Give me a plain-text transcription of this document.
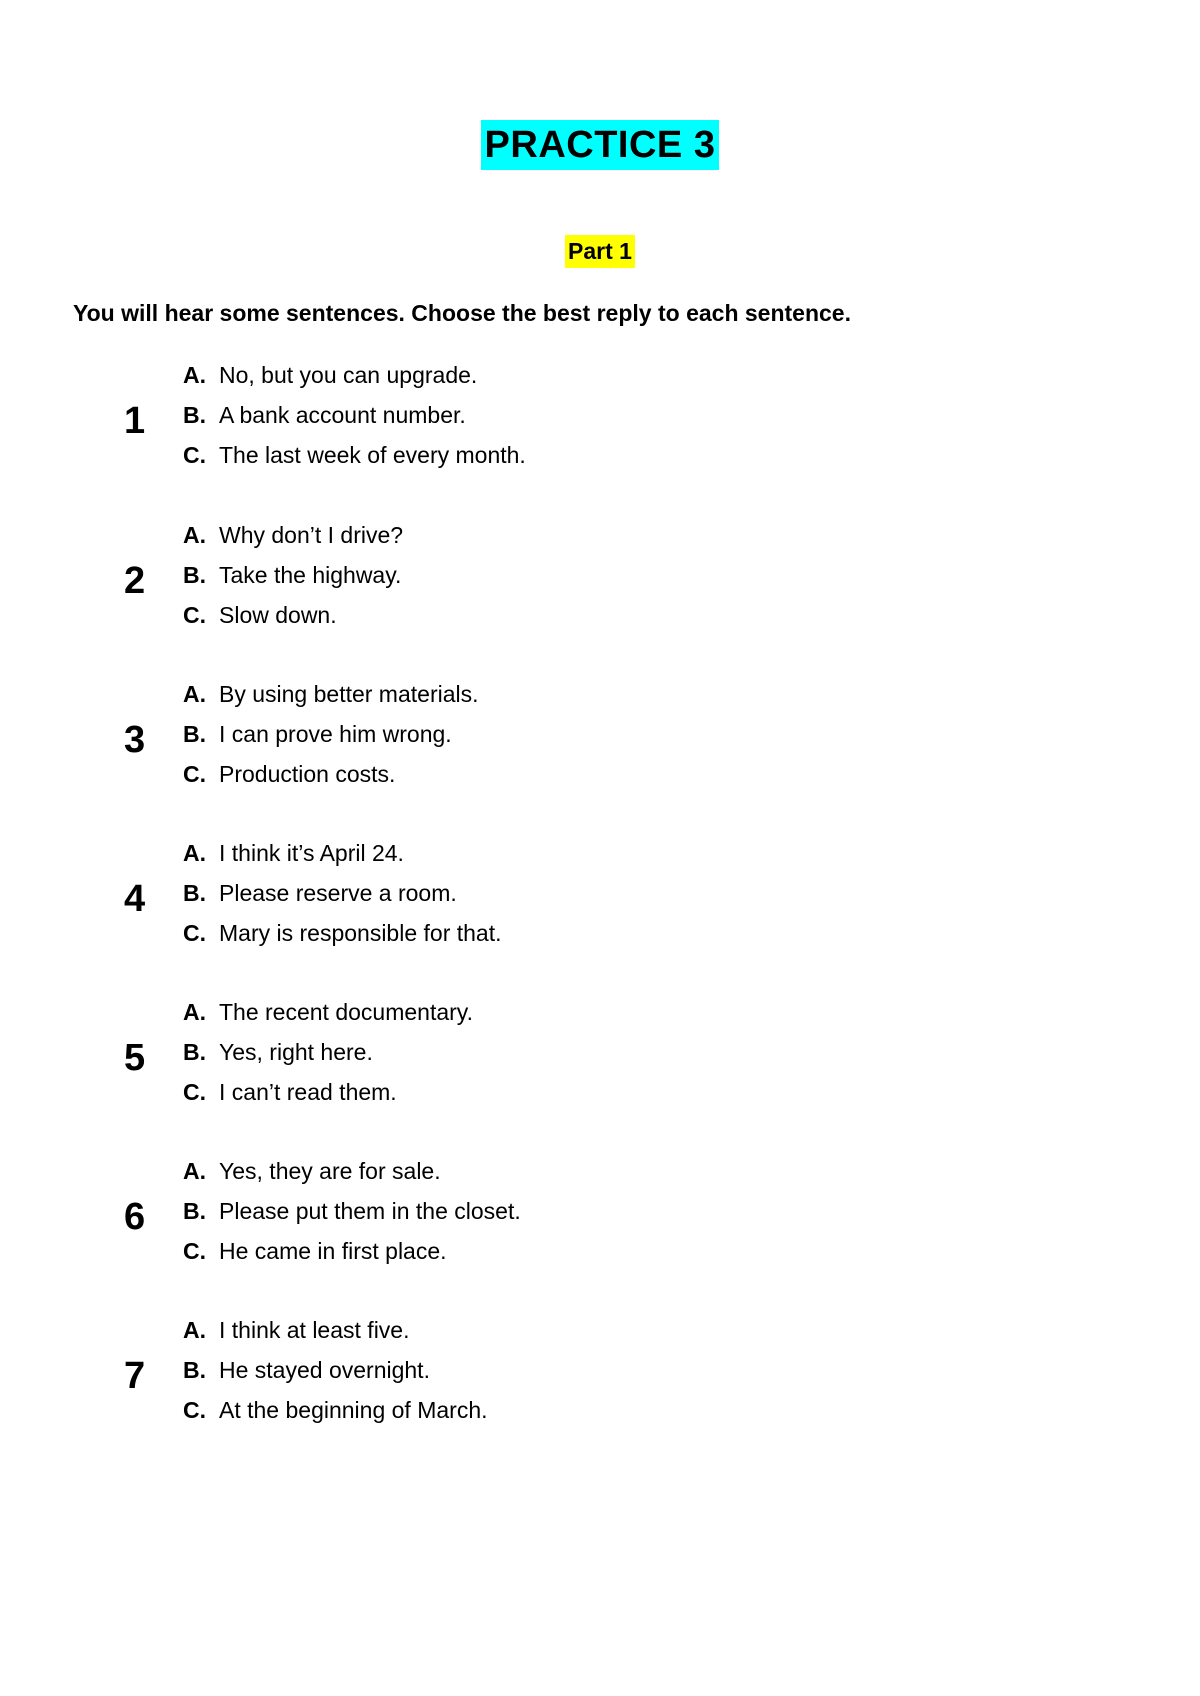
PRACTICE 3
Part 1

You will hear some sentences. Choose the best reply to each sentence.

1
A. No, but you can upgrade.
B. A bank account number.
C. The last week of every month.
2
A. Why don’t I drive?
B. Take the highway.
C. Slow down.
3
A. By using better materials.
B. I can prove him wrong.
C. Production costs.
4
A. I think it’s April 24.
B. Please reserve a room.
C. Mary is responsible for that.
5
A. The recent documentary.
B. Yes, right here.
C. I can’t read them.
6
A. Yes, they are for sale.
B. Please put them in the closet.
C. He came in first place.
7
A. I think at least five.
B. He stayed overnight.
C. At the beginning of March.
